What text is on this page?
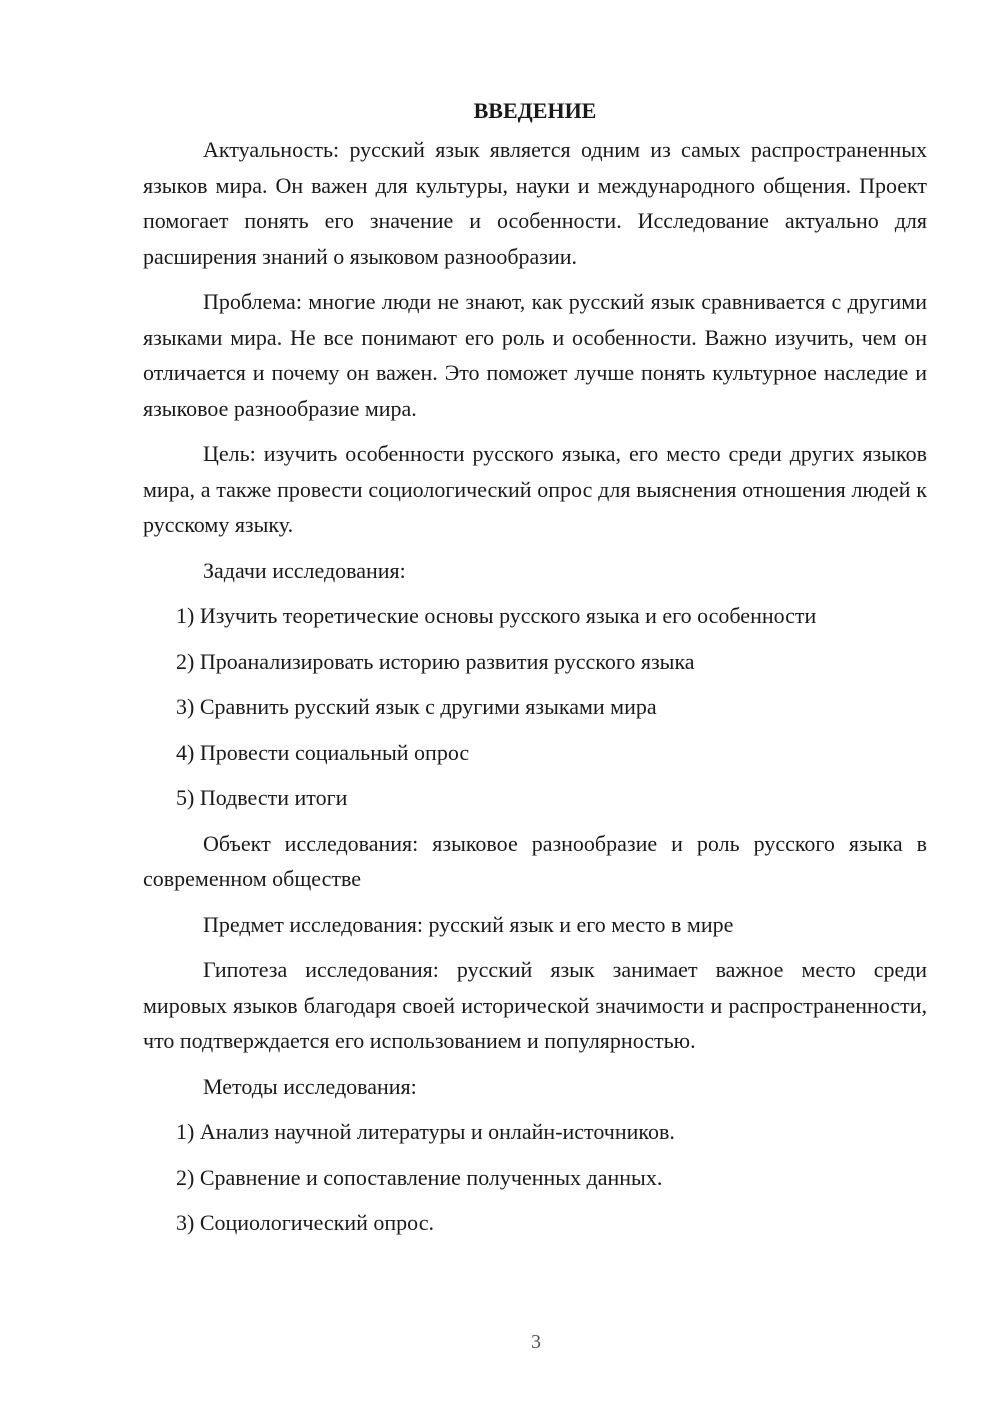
ВВЕДЕНИЕ

Актуальность: русский язык является одним из самых распространенных языков мира. Он важен для культуры, науки и международного общения. Проект помогает понять его значение и особенности. Исследование актуально для расширения знаний о языковом разнообразии.

Проблема: многие люди не знают, как русский язык сравнивается с другими языками мира. Не все понимают его роль и особенности. Важно изучить, чем он отличается и почему он важен. Это поможет лучше понять культурное наследие и языковое разнообразие мира.

Цель: изучить особенности русского языка, его место среди других языков мира, а также провести социологический опрос для выяснения отношения людей к русскому языку.

Задачи исследования:

1) Изучить теоретические основы русского языка и его особенности

2) Проанализировать историю развития русского языка

3) Сравнить русский язык с другими языками мира

4) Провести социальный опрос

5) Подвести итоги

Объект исследования: языковое разнообразие и роль русского языка в современном обществе

Предмет исследования: русский язык и его место в мире

Гипотеза исследования: русский язык занимает важное место среди мировых языков благодаря своей исторической значимости и распространенности, что подтверждается его использованием и популярностью.

Методы исследования:

1) Анализ научной литературы и онлайн-источников.

2) Сравнение и сопоставление полученных данных.

3) Социологический опрос.

3
